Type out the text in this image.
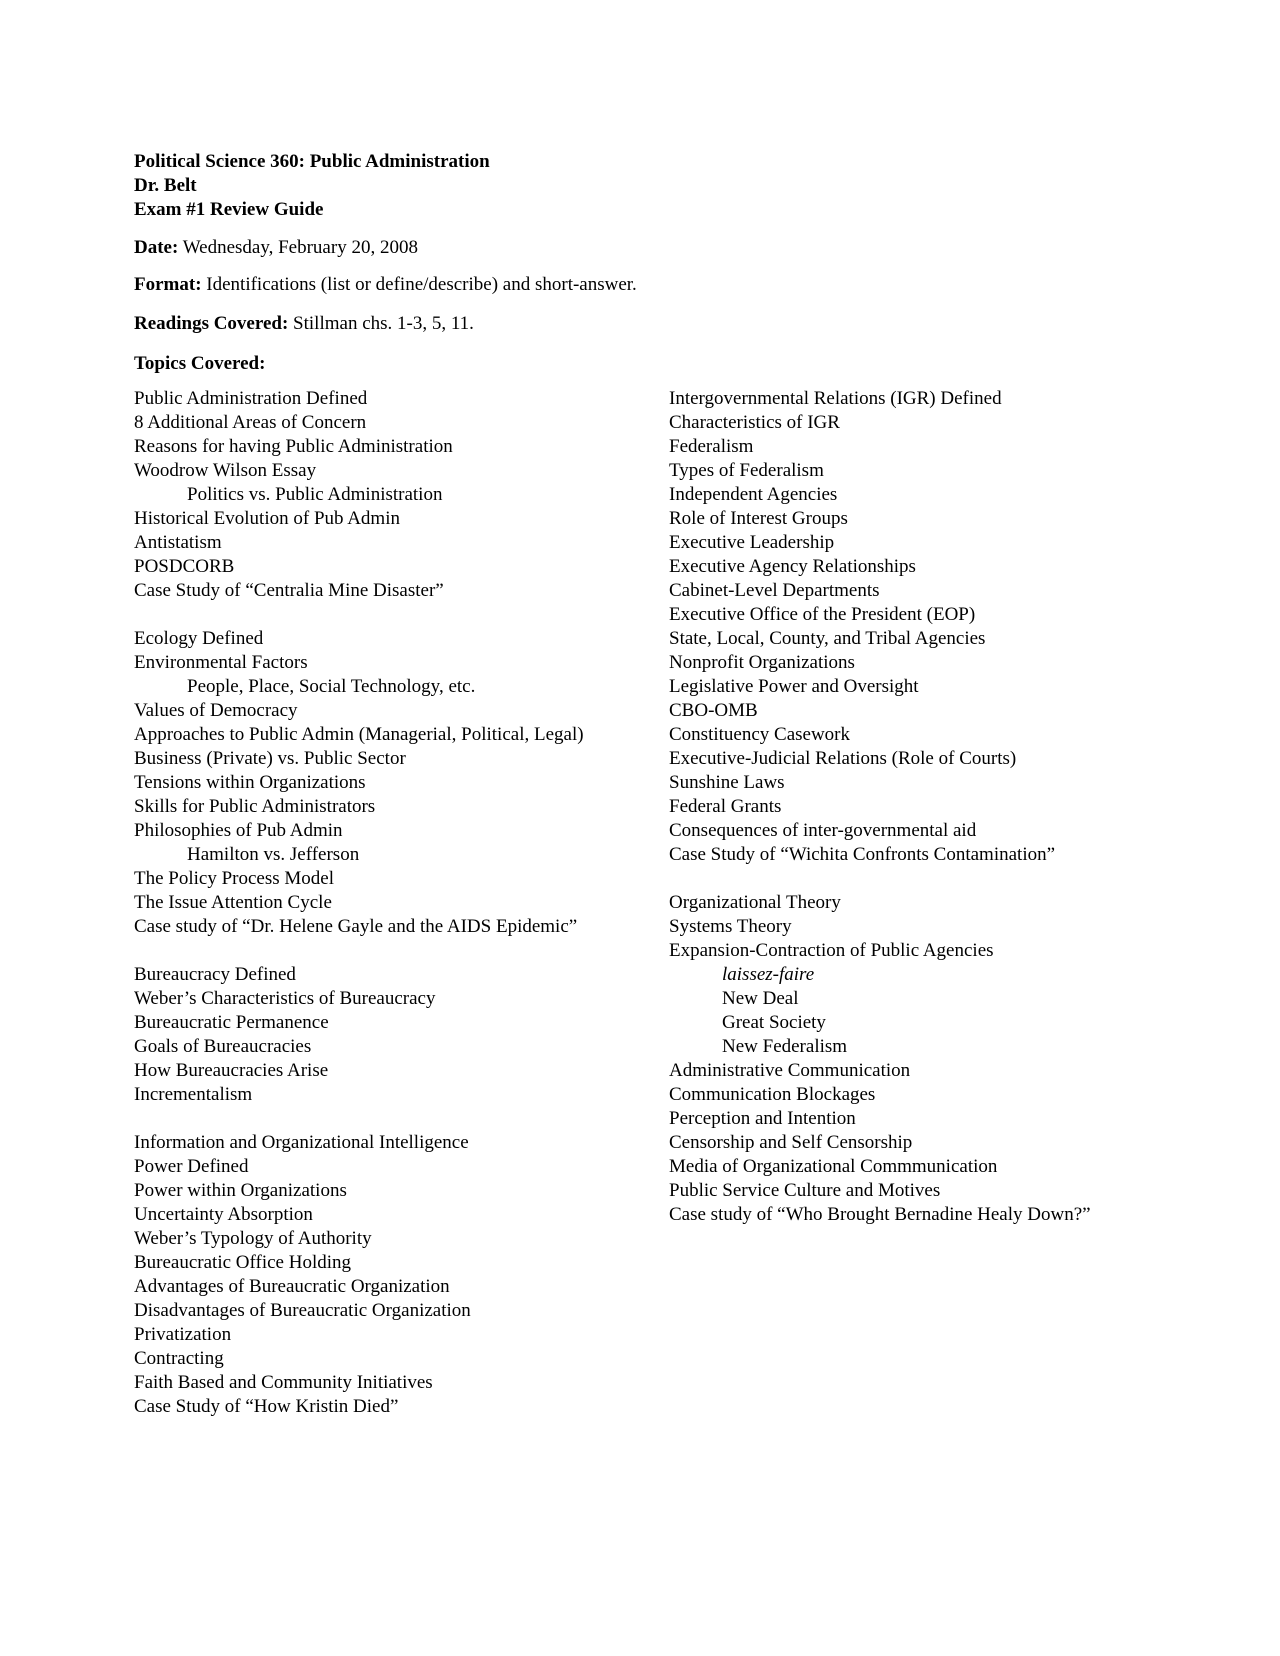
Political Science 360: Public Administration
Dr. Belt
Exam #1 Review Guide
Date: Wednesday, February 20, 2008
Format: Identifications (list or define/describe) and short-answer.
Readings Covered: Stillman chs. 1-3, 5, 11.
Topics Covered:
Public Administration Defined
8 Additional Areas of Concern
Reasons for having Public Administration
Woodrow Wilson Essay
Politics vs. Public Administration
Historical Evolution of Pub Admin
Antistatism
POSDCORB
Case Study of “Centralia Mine Disaster”
Ecology Defined
Environmental Factors
People, Place, Social Technology, etc.
Values of Democracy
Approaches to Public Admin (Managerial, Political, Legal)
Business (Private) vs. Public Sector
Tensions within Organizations
Skills for Public Administrators
Philosophies of Pub Admin
Hamilton vs. Jefferson
The Policy Process Model
The Issue Attention Cycle
Case study of “Dr. Helene Gayle and the AIDS Epidemic”
Bureaucracy Defined
Weber’s Characteristics of Bureaucracy
Bureaucratic Permanence
Goals of Bureaucracies
How Bureaucracies Arise
Incrementalism
Information and Organizational Intelligence
Power Defined
Power within Organizations
Uncertainty Absorption
Weber’s Typology of Authority
Bureaucratic Office Holding
Advantages of Bureaucratic Organization
Disadvantages of Bureaucratic Organization
Privatization
Contracting
Faith Based and Community Initiatives
Case Study of “How Kristin Died”
Intergovernmental Relations (IGR) Defined
Characteristics of IGR
Federalism
Types of Federalism
Independent Agencies
Role of Interest Groups
Executive Leadership
Executive Agency Relationships
Cabinet-Level Departments
Executive Office of the President (EOP)
State, Local, County, and Tribal Agencies
Nonprofit Organizations
Legislative Power and Oversight
CBO-OMB
Constituency Casework
Executive-Judicial Relations (Role of Courts)
Sunshine Laws
Federal Grants
Consequences of inter-governmental aid
Case Study of “Wichita Confronts Contamination”
Organizational Theory
Systems Theory
Expansion-Contraction of Public Agencies
laissez-faire
New Deal
Great Society
New Federalism
Administrative Communication
Communication Blockages
Perception and Intention
Censorship and Self Censorship
Media of Organizational Commmunication
Public Service Culture and Motives
Case study of “Who Brought Bernadine Healy Down?”
